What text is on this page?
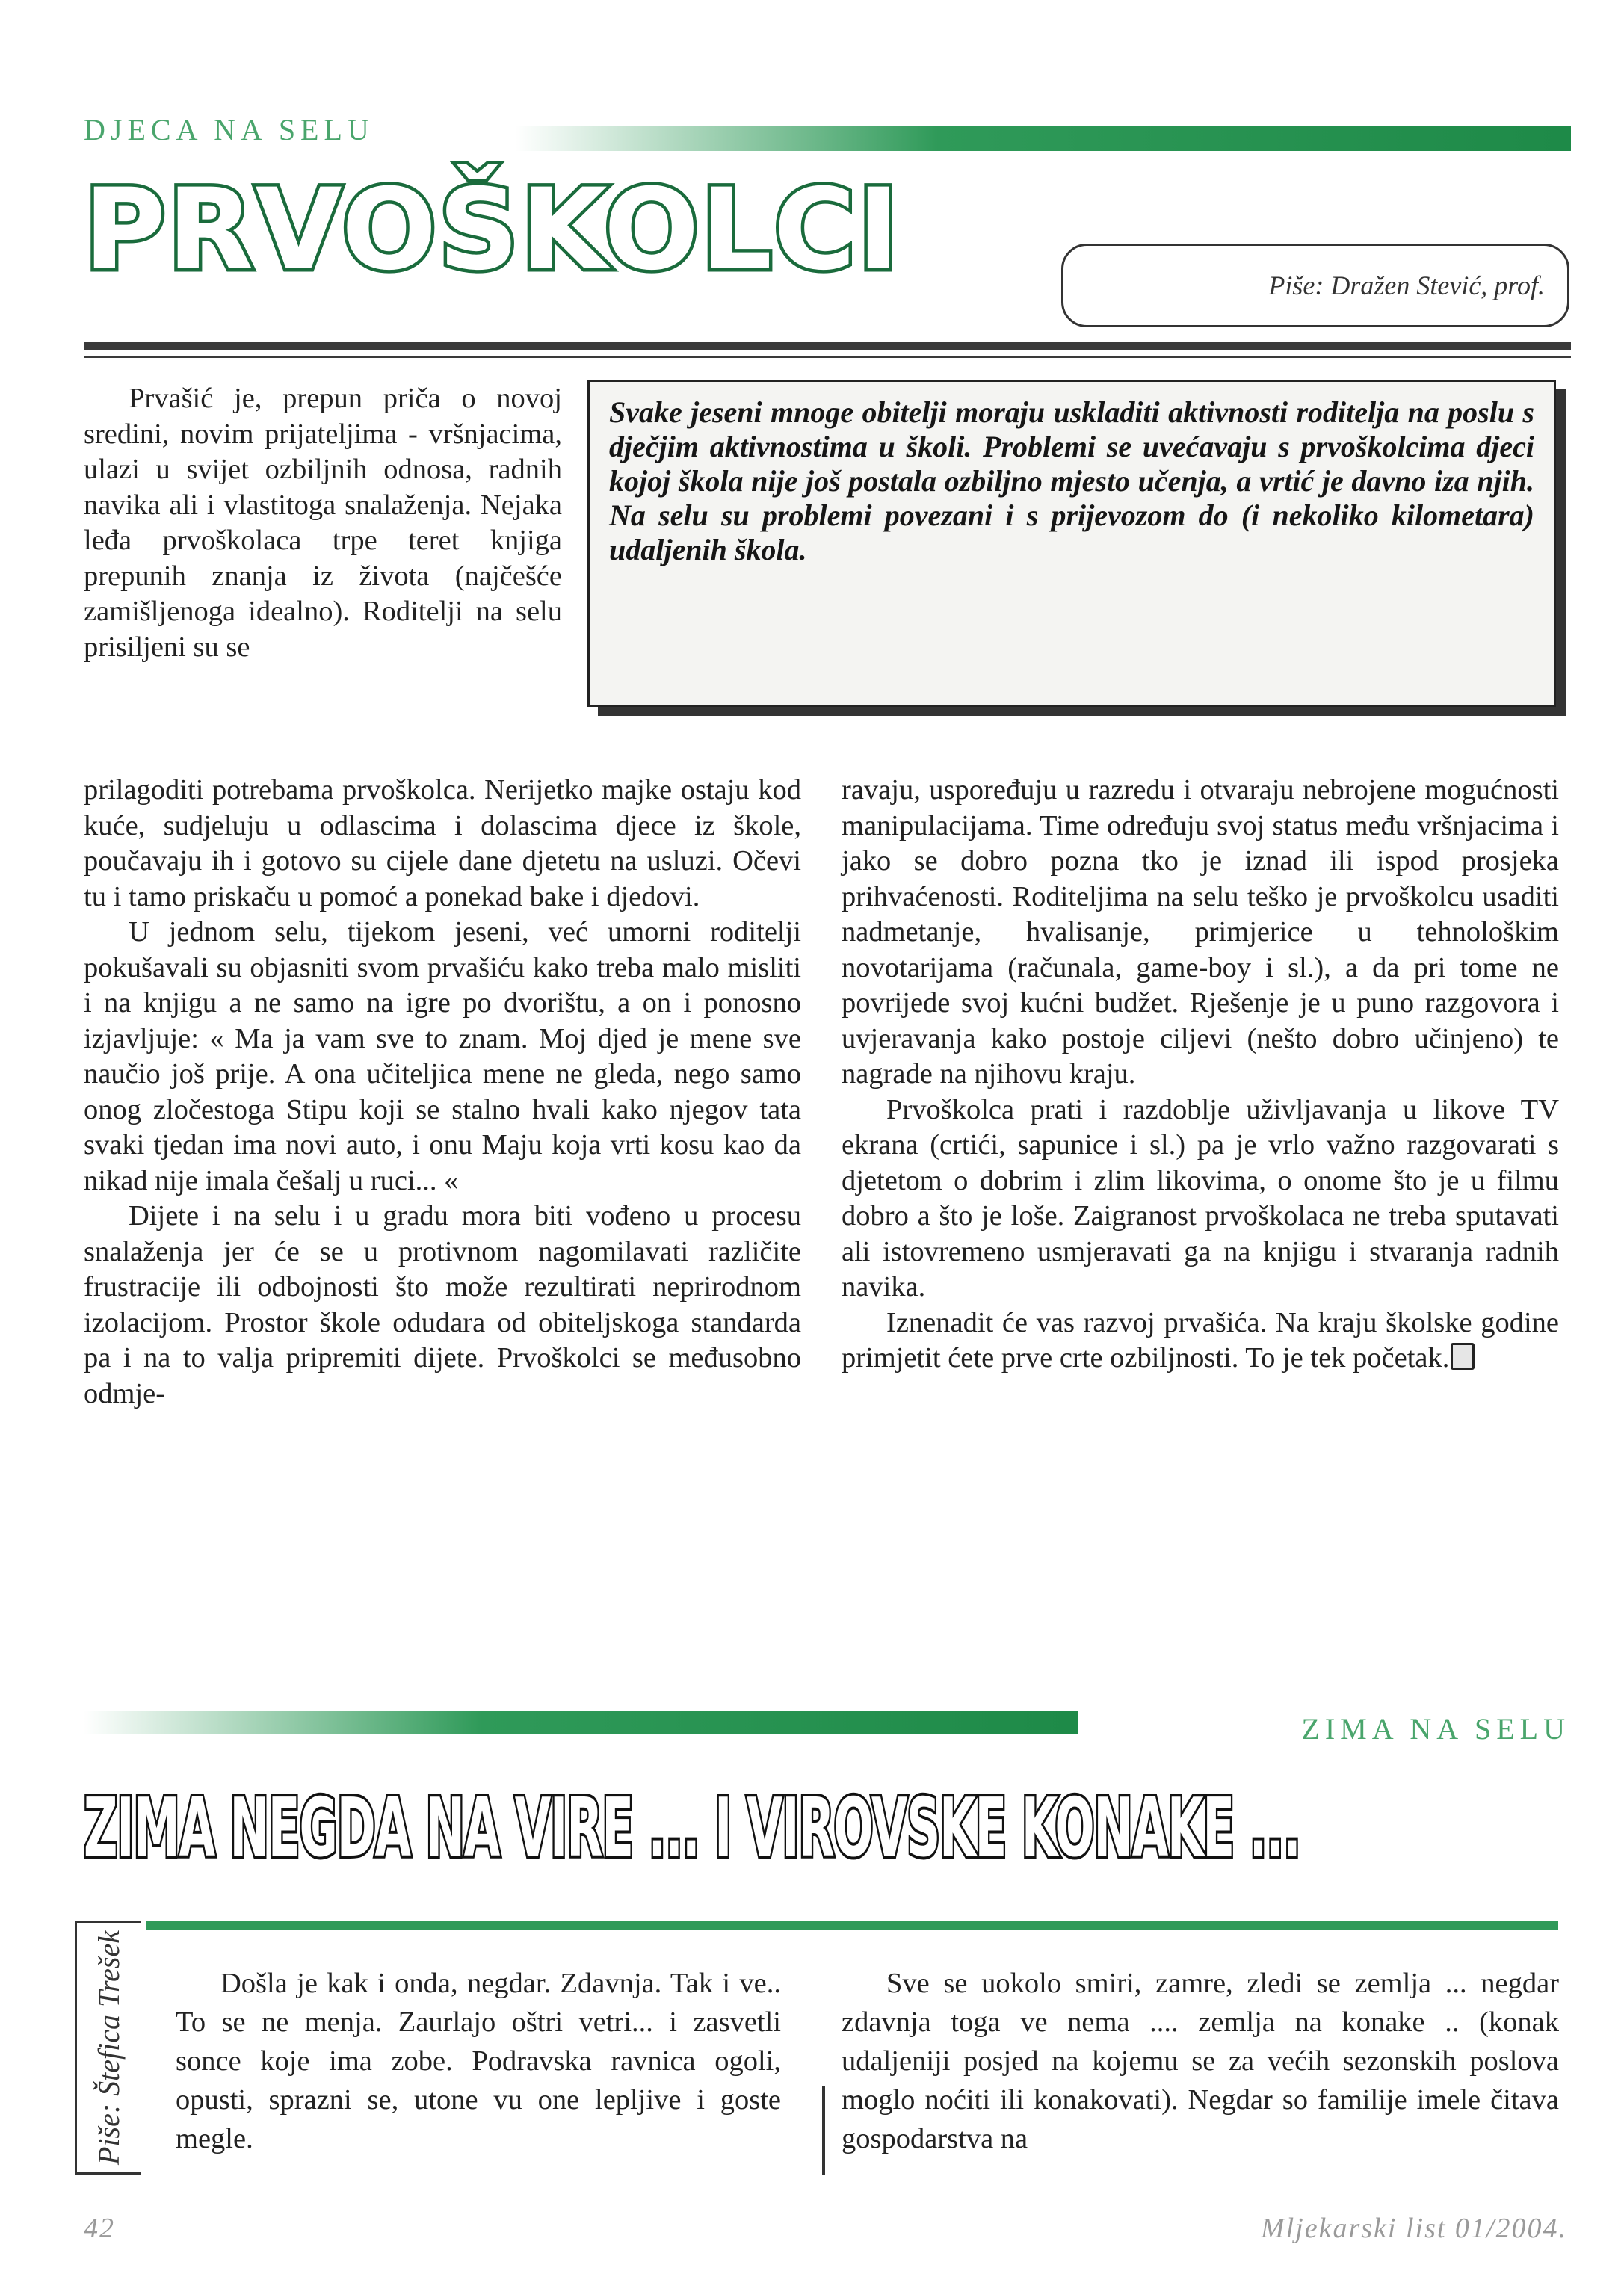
DJECA NA SELU
PRVOŠKOLCI	Piše: Dražen Stević, prof.
Svake jeseni mnoge obitelji moraju uskladiti aktivnosti roditelja na poslu s dječjim aktivnostima u školi. Problemi se uvećavaju s prvoškolcima djeci kojoj škola nije još postala ozbiljno mjesto učenja, a vrtić je davno iza njih. Na selu su problemi povezani i s prijevozom do (i nekoliko kilometara) udaljenih škola.

Prvašić je, prepun priča o novoj sredini, novim prijateljima - vršnjacima, ulazi u svijet ozbiljnih odnosa, radnih navika ali i vlastitoga snalaženja. Nejaka leđa prvoškolaca trpe teret knjiga prepunih znanja iz života (najčešće zamišljenoga idealno). Roditelji na selu prisiljeni su se

prilagoditi potrebama prvoškolca. Nerijetko majke ostaju kod kuće, sudjeluju u odlascima i dolascima djece iz škole, poučavaju ih i gotovo su cijele dane djetetu na usluzi. Očevi tu i tamo priskaču u pomoć a ponekad bake i djedovi.

U jednom selu, tijekom jeseni, već umorni roditelji pokušavali su objasniti svom prvašiću kako treba malo misliti i na knjigu a ne samo na igre po dvorištu, a on i ponosno izjavljuje: « Ma ja vam sve to znam. Moj djed je mene sve naučio još prije. A ona učiteljica mene ne gleda, nego samo onog zločestoga Stipu koji se stalno hvali kako njegov tata svaki tjedan ima novi auto, i onu Maju koja vrti kosu kao da nikad nije imala češalj u ruci... «

Dijete i na selu i u gradu mora biti vođeno u procesu snalaženja jer će se u protivnom nagomilavati različite frustracije ili odbojnosti što može rezultirati neprirodnom izolacijom. Prostor škole odudara od obiteljskoga standarda pa i na to valja pripremiti dijete. Prvoškolci se međusobno odmje-

ravaju, uspoređuju u razredu i otvaraju nebrojene mogućnosti manipulacijama. Time određuju svoj status među vršnjacima i jako se dobro pozna tko je iznad ili ispod prosjeka prihvaćenosti. Roditeljima na selu teško je prvoškolcu usaditi nadmetanje, hvalisanje, primjerice u tehnološkim novotarijama (računala, game-boy i sl.), a da pri tome ne povrijede svoj kućni budžet. Rješenje je u puno razgovora i uvjeravanja kako postoje ciljevi (nešto dobro učinjeno) te nagrade na njihovu kraju.

Prvoškolca prati i razdoblje uživljavanja u likove TV ekrana (crtići, sapunice i sl.) pa je vrlo važno razgovarati s djetetom o dobrim i zlim likovima, o onome što je u filmu dobro a što je loše. Zaigranost prvoškolaca ne treba sputavati ali istovremeno usmjeravati ga na knjigu i stvaranja radnih navika.

Iznenadit će vas razvoj prvašića. Na kraju školske godine primjetit ćete prve crte ozbiljnosti. To je tek početak.

ZIMA NA SELU
ZIMA NEGDA NA VIRE ... I VIROVSKE KONAKE ...
Piše: Štefica Trešek	Došla je kak i onda, negdar. Zdavnja. Tak i ve.. To se ne menja. Zaurlajo oštri vetri... i zasvetli sonce koje ima zobe. Podravska ravnica ogoli, opusti, sprazni se, utone vu one lepljive i goste megle.

Sve se uokolo smiri, zamre, zledi se zemlja ... negdar zdavnja toga ve nema .... zemlja na konake .. (konak udaljeniji posjed na kojemu se za većih sezonskih poslova moglo noćiti ili konakovati). Negdar so familije imele čitava gospodarstva na

42	Mljekarski list 01/2004.
